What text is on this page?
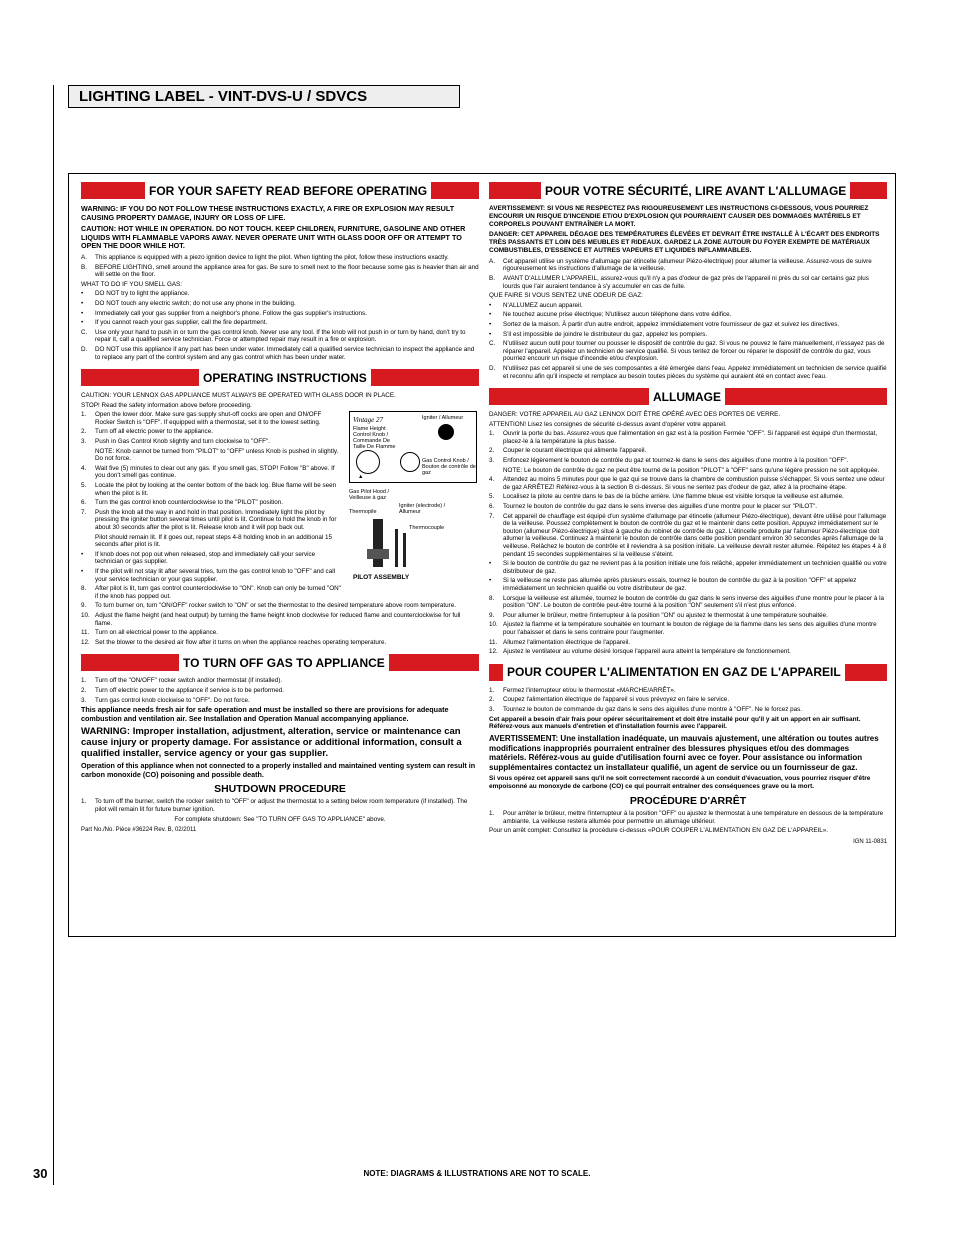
LIGHTING LABEL - VINT-DVS-U / SDVCS
FOR YOUR SAFETY READ BEFORE OPERATING

WARNING: IF YOU DO NOT FOLLOW THESE INSTRUCTIONS EXACTLY, A FIRE OR EXPLOSION MAY RESULT CAUSING PROPERTY DAMAGE, INJURY OR LOSS OF LIFE.

CAUTION: HOT WHILE IN OPERATION. DO NOT TOUCH. KEEP CHILDREN, FURNITURE, GASOLINE AND OTHER LIQUIDS WITH FLAMMABLE VAPORS AWAY. NEVER OPERATE UNIT WITH GLASS DOOR OFF OR ATTEMPT TO OPEN THE DOOR WHILE HOT.

A.	This appliance is equipped with a piezo ignition device to light the pilot. When lighting the pilot, follow these instructions exactly.
B.	BEFORE LIGHTING, smell around the appliance area for gas. Be sure to smell next to the floor because some gas is heavier than air and will settle on the floor.
WHAT TO DO IF YOU SMELL GAS:
•	DO NOT try to light the appliance.
•	DO NOT touch any electric switch; do not use any phone in the building.
•	Immediately call your gas supplier from a neighbor's phone. Follow the gas supplier's instructions.
•	If you cannot reach your gas supplier, call the fire department.
C.	Use only your hand to push in or turn the gas control knob. Never use any tool. If the knob will not push in or turn by hand, don't try to repair it, call a qualified service technician. Force or attempted repair may result in a fire or explosion.
D.	DO NOT use this appliance if any part has been under water. Immediately call a qualified service technician to inspect the appliance and to replace any part of the control system and any gas control which has been under water.
OPERATING INSTRUCTIONS
CAUTION: YOUR LENNOX GAS APPLIANCE MUST ALWAYS BE OPERATED WITH GLASS DOOR IN PLACE.
STOP! Read the safety information above before proceeding.
Vintage 27
Flame Height Control Knob / Commande De Taille De Flamme
Igniter / Allumeur
Gas Control Knob / Bouton de contrôle de gaz
▲
Gas Pilot Hood / Veilleuse à gaz
Thermopile
Igniter (electrode) / Allumeur
Thermocouple
PILOT ASSEMBLY
1.	Open the lower door. Make sure gas supply shut-off cocks are open and ON/OFF Rocker Switch is "OFF". If equipped with a thermostat, set it to the lowest setting.
2.	Turn off all electric power to the appliance.
3.	Push in Gas Control Knob slightly and turn clockwise to "OFF".
NOTE: Knob cannot be turned from "PILOT" to "OFF" unless Knob is pushed in slightly. Do not force.
4.	Wait five (5) minutes to clear out any gas. If you smell gas, STOP! Follow "B" above. If you don't smell gas continue.
5.	Locate the pilot by looking at the center bottom of the back log. Blue flame will be seen when the pilot is lit.
6.	Turn the gas control knob counterclockwise to the "PILOT" position.
7.	Push the knob all the way in and hold in that position. Immediately light the pilot by pressing the igniter button several times until pilot is lit. Continue to hold the knob in for about 30 seconds after the pilot is lit. Release knob and it will pop back out.
Pilot should remain lit. If it goes out, repeat steps 4-8 holding knob in an additional 15 seconds after pilot is lit.
•	If knob does not pop out when released, stop and immediately call your service technician or gas supplier.
•	If the pilot will not stay lit after several tries, turn the gas control knob to "OFF" and call your service technician or your gas supplier.
8.	After pilot is lit, turn gas control counterclockwise to "ON". Knob can only be turned "ON" if the knob has popped out.
9.	To turn burner on, turn "ON/OFF" rocker switch to "ON" or set the thermostat to the desired temperature above room temperature.
10. Adjust the flame height (and heat output) by turning the flame height knob clockwise for reduced flame and counterclockwise for full flame.
11. Turn on all electrical power to the appliance.
12. Set the blower to the desired air flow after it turns on when the appliance reaches operating temperature.
TO TURN OFF GAS TO APPLIANCE
1.	Turn off the "ON/OFF" rocker switch and/or thermostat (if installed).
2.	Turn off electric power to the appliance if service is to be performed.
3.	Turn gas control knob clockwise to "OFF". Do not force.

This appliance needs fresh air for safe operation and must be installed so there are provisions for adequate combustion and ventilation air. See Installation and Operation Manual accompanying appliance.

WARNING: Improper installation, adjustment, alteration, service or maintenance can cause injury or property damage. For assistance or additional information, consult a qualified installer, service agency or your gas supplier.

Operation of this appliance when not connected to a properly installed and maintained venting system can result in carbon monoxide (CO) poisoning and possible death.

SHUTDOWN PROCEDURE
1.	To turn off the burner, switch the rocker switch to "OFF" or adjust the thermostat to a setting below room temperature (if installed). The pilot will remain lit for future burner ignition.
For complete shutdown: See "TO TURN OFF GAS TO APPLIANCE" above.
Part No./No. Pièce #36224 Rev. B, 02/2011
POUR VOTRE SÉCURITÉ, LIRE AVANT L'ALLUMAGE

AVERTISSEMENT: SI VOUS NE RESPECTEZ PAS RIGOUREUSEMENT LES INSTRUCTIONS CI-DESSOUS, VOUS POURRIEZ ENCOURIR UN RISQUE D'INCENDIE ET/OU D'EXPLOSION QUI POURRAIENT CAUSER DES DOMMAGES MATÉRIELS ET CORPORELS POUVANT ENTRAÎNER LA MORT.

DANGER: CET APPAREIL DÉGAGE DES TEMPÉRATURES ÉLEVÉES ET DEVRAIT ÊTRE INSTALLÉ À L'ÉCART DES ENDROITS TRÈS PASSANTS ET LOIN DES MEUBLES ET RIDEAUX. GARDEZ LA ZONE AUTOUR DU FOYER EXEMPTE DE MATÉRIAUX COMBUSTIBLES, D'ESSENCE ET AUTRES VAPEURS ET LIQUIDES INFLAMMABLES.

A.	Cet appareil utilise un système d'allumage par étincelle (allumeur Piézo-électrique) pour allumer la veilleuse. Assurez-vous de suivre rigoureusement les instructions d'allumage de la veilleuse.
B.	AVANT D'ALLUMER L'APPAREIL, assurez-vous qu'il n'y a pas d'odeur de gaz près de l'appareil ni près du sol car certains gaz plus lourds que l'air auraient tendance à s'y accumuler en cas de fuite.
QUE FAIRE SI VOUS SENTEZ UNE ODEUR DE GAZ:
•	N'ALLUMEZ aucun appareil.
•	Ne touchez aucune prise électrique; N'utilisez aucun téléphone dans votre édifice.
•	Sortez de la maison. À partir d'un autre endroit, appelez immédiatement votre fournisseur de gaz et suivez les directives.
•	S'il est impossible de joindre le distributeur du gaz, appelez les pompiers.
C.	N'utilisez aucun outil pour tourner ou pousser le dispositif de contrôle du gaz. Si vous ne pouvez le faire manuellement, n'essayez pas de réparer l'appareil. Appelez un technicien de service qualifié. Si vous tentez de forcer ou réparer le dispositif de contrôle du gaz, vous pourriez encourir un risque d'incendie et/ou d'explosion.
D.	N'utilisez pas cet appareil si une de ses composantes a été émergée dans l'eau. Appelez immédiatement un technicien de service qualifié et reconnu afin qu'il inspecte et remplace au besoin toutes pièces du système qui auraient été en contact avec l'eau.
ALLUMAGE
DANGER: VOTRE APPAREIL AU GAZ LENNOX DOIT ÊTRE OPÉRÉ AVEC DES PORTES DE VERRE.
ATTENTION! Lisez les consignes de sécurité ci-dessus avant d'opérer votre appareil.
1.	Ouvrir la porte du bas. Assurez-vous que l'alimentation en gaz est à la position Fermée "OFF". Si l'appareil est équipé d'un thermostat, placez-le à la température la plus basse.
2.	Couper le courant électrique qui alimente l'appareil.
3.	Enfoncez légèrement le bouton de contrôle du gaz et tournez-le dans le sens des aiguilles d'une montre à la position "OFF".
NOTE: Le bouton de contrôle du gaz ne peut être tourné de la position "PILOT" à "OFF" sans qu'une légère pression ne soit appliquée.
4.	Attendez au moins 5 minutes pour que le gaz qui se trouve dans la chambre de combustion puisse s'échapper. Si vous sentez une odeur de gaz ARRÊTEZ! Référez-vous à la section B ci-dessus. Si vous ne sentez pas d'odeur de gaz, allez à la prochaine étape.
5.	Localisez la pilote au centre dans le bas de la bûche arrière. Une flamme bleue est visible lorsque la veilleuse est allumée.
6.	Tournez le bouton de contrôle du gaz dans le sens inverse des aiguilles d'une montre pour le placer sur "PILOT".
7.	Cet appareil de chauffage est équipé d'un système d'allumage par étincelle (allumeur Piézo-électrique), devant être utilisé pour l'allumage de la veilleuse. Poussez complètement le bouton de contrôle du gaz et le maintenir dans cette position. Appuyez immédiatement sur le bouton (allumeur Piézo-électrique) situé à gauche du robinet de contrôle du gaz. L'étincelle produite par l'allumeur Piézo-électrique doit allumer la veilleuse. Continuez à maintenir le bouton de contrôle dans cette position pendant environ 30 secondes après l'allumage de la veilleuse. Relâchez le bouton de contrôle et il reviendra à sa position initiale. La veilleuse devrait rester allumée. Répétez les étapes 4 à 8 pendant 15 secondes supplémentaires si la veilleuse s'éteint.
•	Si le bouton de contrôle du gaz ne revient pas à la position initiale une fois relâché, appeler immédiatement un technicien qualifié ou votre distributeur de gaz.
•	Si la veilleuse ne reste pas allumée après plusieurs essais, tournez le bouton de contrôle du gaz à la position "OFF" et appelez immédiatement un technicien qualifié ou votre distributeur de gaz.
8.	Lorsque la veilleuse est allumée, tournez le bouton de contrôle du gaz dans le sens inverse des aiguilles d'une montre pour le placer à la position "ON". Le bouton de contrôle peut-être tourné à la position "ON" seulement s'il n'est plus enfoncé.
9.	Pour allumer le brûleur, mettre l'interrupteur à la position "ON" ou ajustez le thermostat à une température souhaitée.
10. Ajustez la flamme et la température souhaitée en tournant le bouton de réglage de la flamme dans les sens des aiguilles d'une montre pour l'abaisser et dans le sens contraire pour l'augmenter.
11. Allumez l'alimentation électrique de l'appareil.
12. Ajustez le ventilateur au volume désiré lorsque l'appareil aura atteint la température de fonctionnement.
POUR COUPER L'ALIMENTATION EN GAZ DE L'APPAREIL
1.	Fermez l'interrupteur et/ou le thermostat «MARCHE/ARRÊT».
2.	Coupez l'alimentation électrique de l'appareil si vous prévoyez en faire le service.
3.	Tournez le bouton de commande du gaz dans le sens des aiguilles d'une montre à "OFF". Ne le forcez pas.

Cet appareil a besoin d'air frais pour opérer sécuritairement et doit être installé pour qu'il y ait un apport en air suffisant. Référez-vous aux manuels d'entretien et d'installation fournis avec l'appareil.

AVERTISSEMENT: Une installation inadéquate, un mauvais ajustement, une altération ou toutes autres modifications inappropriés pourraient entraîner des blessures physiques et/ou des dommages matériels. Référez-vous au guide d'utilisation fourni avec ce foyer. Pour assistance ou information supplémentaires contactez un installateur qualifié, un agent de service ou un fournisseur de gaz.

Si vous opérez cet appareil sans qu'il ne soit correctement raccordé à un conduit d'évacuation, vous pourriez risquer d'être empoisonné au monoxyde de carbone (CO) ce qui pourrait entraîner des conséquences grave ou la mort.

PROCÉDURE D'ARRÊT
1.	Pour arrêter le brûleur, mettre l'interrupteur à la position "OFF" ou ajustez le thermostat à une température en dessous de la température ambiante. La veilleuse restera allumée pour permettre un allumage ultérieur.
Pour un arrêt complet: Consultez la procédure ci-dessus «POUR COUPER L'ALIMENTATION EN GAZ DE L'APPAREIL».
IGN 11-0831
30	NOTE: DIAGRAMS & ILLUSTRATIONS ARE NOT TO SCALE.
